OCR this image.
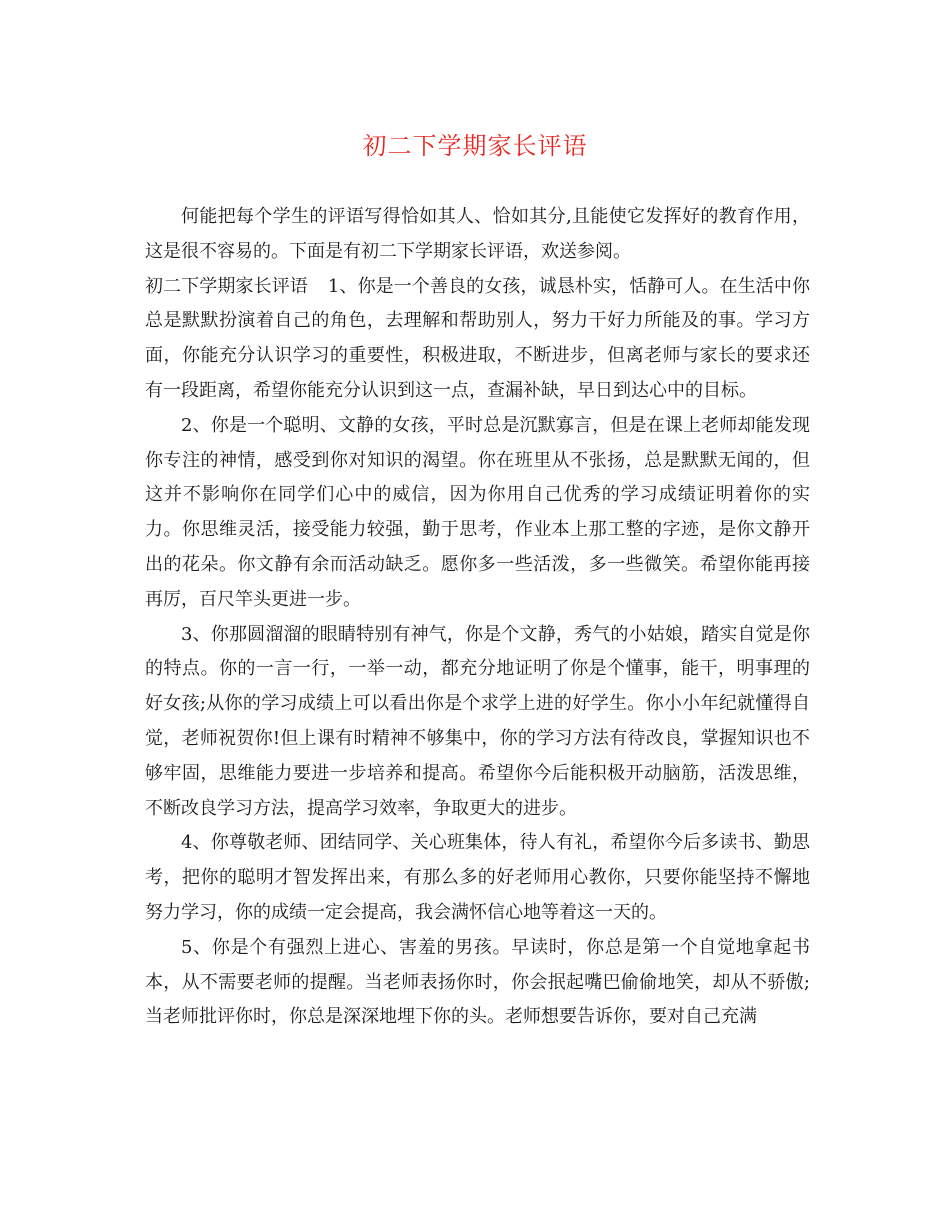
初二下学期家长评语

何能把每个学生的评语写得恰如其人、恰如其分,且能使它发挥好的教育作用，这是很不容易的。下面是有初二下学期家长评语，欢送参阅。

初二下学期家长评语 1、你是一个善良的女孩，诚恳朴实，恬静可人。在生活中你总是默默扮演着自己的角色，去理解和帮助别人，努力干好力所能及的事。学习方面，你能充分认识学习的重要性，积极进取，不断进步，但离老师与家长的要求还有一段距离，希望你能充分认识到这一点，查漏补缺，早日到达心中的目标。

2、你是一个聪明、文静的女孩，平时总是沉默寡言，但是在课上老师却能发现你专注的神情，感受到你对知识的渴望。你在班里从不张扬，总是默默无闻的，但这并不影响你在同学们心中的威信，因为你用自己优秀的学习成绩证明着你的实力。你思维灵活，接受能力较强，勤于思考，作业本上那工整的字迹，是你文静开出的花朵。你文静有余而活动缺乏。愿你多一些活泼，多一些微笑。希望你能再接再厉，百尺竿头更进一步。

3、你那圆溜溜的眼睛特别有神气，你是个文静，秀气的小姑娘，踏实自觉是你的特点。你的一言一行，一举一动，都充分地证明了你是个懂事，能干，明事理的好女孩;从你的学习成绩上可以看出你是个求学上进的好学生。你小小年纪就懂得自觉，老师祝贺你!但上课有时精神不够集中，你的学习方法有待改良，掌握知识也不够牢固，思维能力要进一步培养和提高。希望你今后能积极开动脑筋，活泼思维，不断改良学习方法，提高学习效率，争取更大的进步。

4、你尊敬老师、团结同学、关心班集体，待人有礼，希望你今后多读书、勤思考，把你的聪明才智发挥出来，有那么多的好老师用心教你，只要你能坚持不懈地努力学习，你的成绩一定会提高，我会满怀信心地等着这一天的。

5、你是个有强烈上进心、害羞的男孩。早读时，你总是第一个自觉地拿起书本，从不需要老师的提醒。当老师表扬你时，你会抿起嘴巴偷偷地笑，却从不骄傲;当老师批评你时，你总是深深地埋下你的头。老师想要告诉你，要对自己充满
